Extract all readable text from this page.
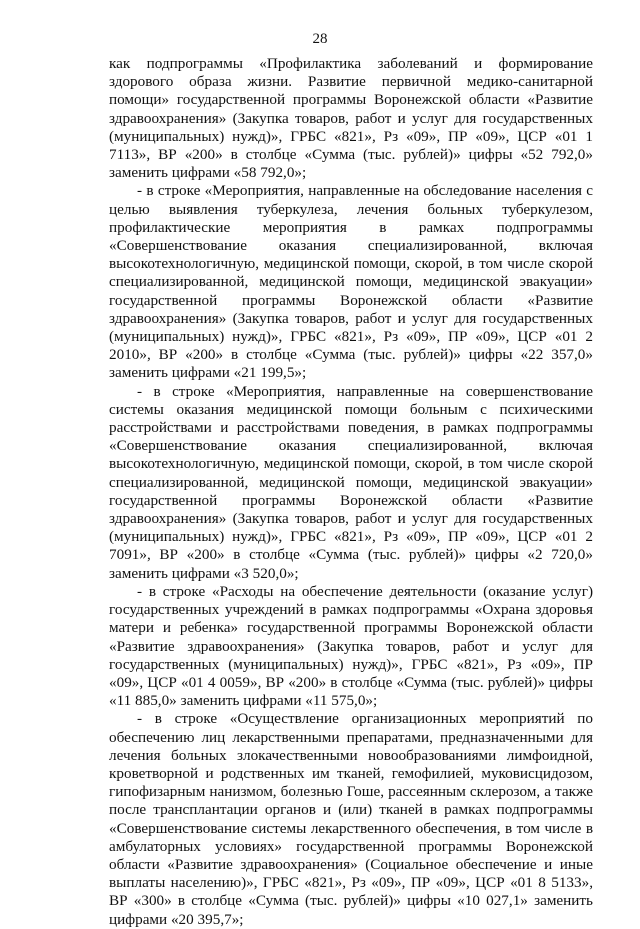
28

как подпрограммы «Профилактика заболеваний и формирование здорового образа жизни. Развитие первичной медико-санитарной помощи» государственной программы Воронежской области «Развитие здравоохранения» (Закупка товаров, работ и услуг для государственных (муниципальных) нужд)», ГРБС «821», Рз «09», ПР «09», ЦСР «01 1 7113», ВР «200» в столбце «Сумма (тыс. рублей)» цифры «52 792,0» заменить цифрами «58 792,0»;

- в строке «Мероприятия, направленные на обследование населения с целью выявления туберкулеза, лечения больных туберкулезом, профилактические мероприятия в рамках подпрограммы «Совершенствование оказания специализированной, включая высокотехнологичную, медицинской помощи, скорой, в том числе скорой специализированной, медицинской помощи, медицинской эвакуации» государственной программы Воронежской области «Развитие здравоохранения» (Закупка товаров, работ и услуг для государственных (муниципальных) нужд)», ГРБС «821», Рз «09», ПР «09», ЦСР «01 2 2010», ВР «200» в столбце «Сумма (тыс. рублей)» цифры «22 357,0» заменить цифрами «21 199,5»;

- в строке «Мероприятия, направленные на совершенствование системы оказания медицинской помощи больным с психическими расстройствами и расстройствами поведения, в рамках подпрограммы «Совершенствование оказания специализированной, включая высокотехнологичную, медицинской помощи, скорой, в том числе скорой специализированной, медицинской помощи, медицинской эвакуации» государственной программы Воронежской области «Развитие здравоохранения» (Закупка товаров, работ и услуг для государственных (муниципальных) нужд)», ГРБС «821», Рз «09», ПР «09», ЦСР «01 2 7091», ВР «200» в столбце «Сумма (тыс. рублей)» цифры «2 720,0» заменить цифрами «3 520,0»;

- в строке «Расходы на обеспечение деятельности (оказание услуг) государственных учреждений в рамках подпрограммы «Охрана здоровья матери и ребенка» государственной программы Воронежской области «Развитие здравоохранения» (Закупка товаров, работ и услуг для государственных (муниципальных) нужд)», ГРБС «821», Рз «09», ПР «09», ЦСР «01 4 0059», ВР «200» в столбце «Сумма (тыс. рублей)» цифры «11 885,0» заменить цифрами «11 575,0»;

- в строке «Осуществление организационных мероприятий по обеспечению лиц лекарственными препаратами, предназначенными для лечения больных злокачественными новообразованиями лимфоидной, кроветворной и родственных им тканей, гемофилией, муковисцидозом, гипофизарным нанизмом, болезнью Гоше, рассеянным склерозом, а также после трансплантации органов и (или) тканей в рамках подпрограммы «Совершенствование системы лекарственного обеспечения, в том числе в амбулаторных условиях» государственной программы Воронежской области «Развитие здравоохранения» (Социальное обеспечение и иные выплаты населению)», ГРБС «821», Рз «09», ПР «09», ЦСР «01 8 5133», ВР «300» в столбце «Сумма (тыс. рублей)» цифры «10 027,1» заменить цифрами «20 395,7»;
